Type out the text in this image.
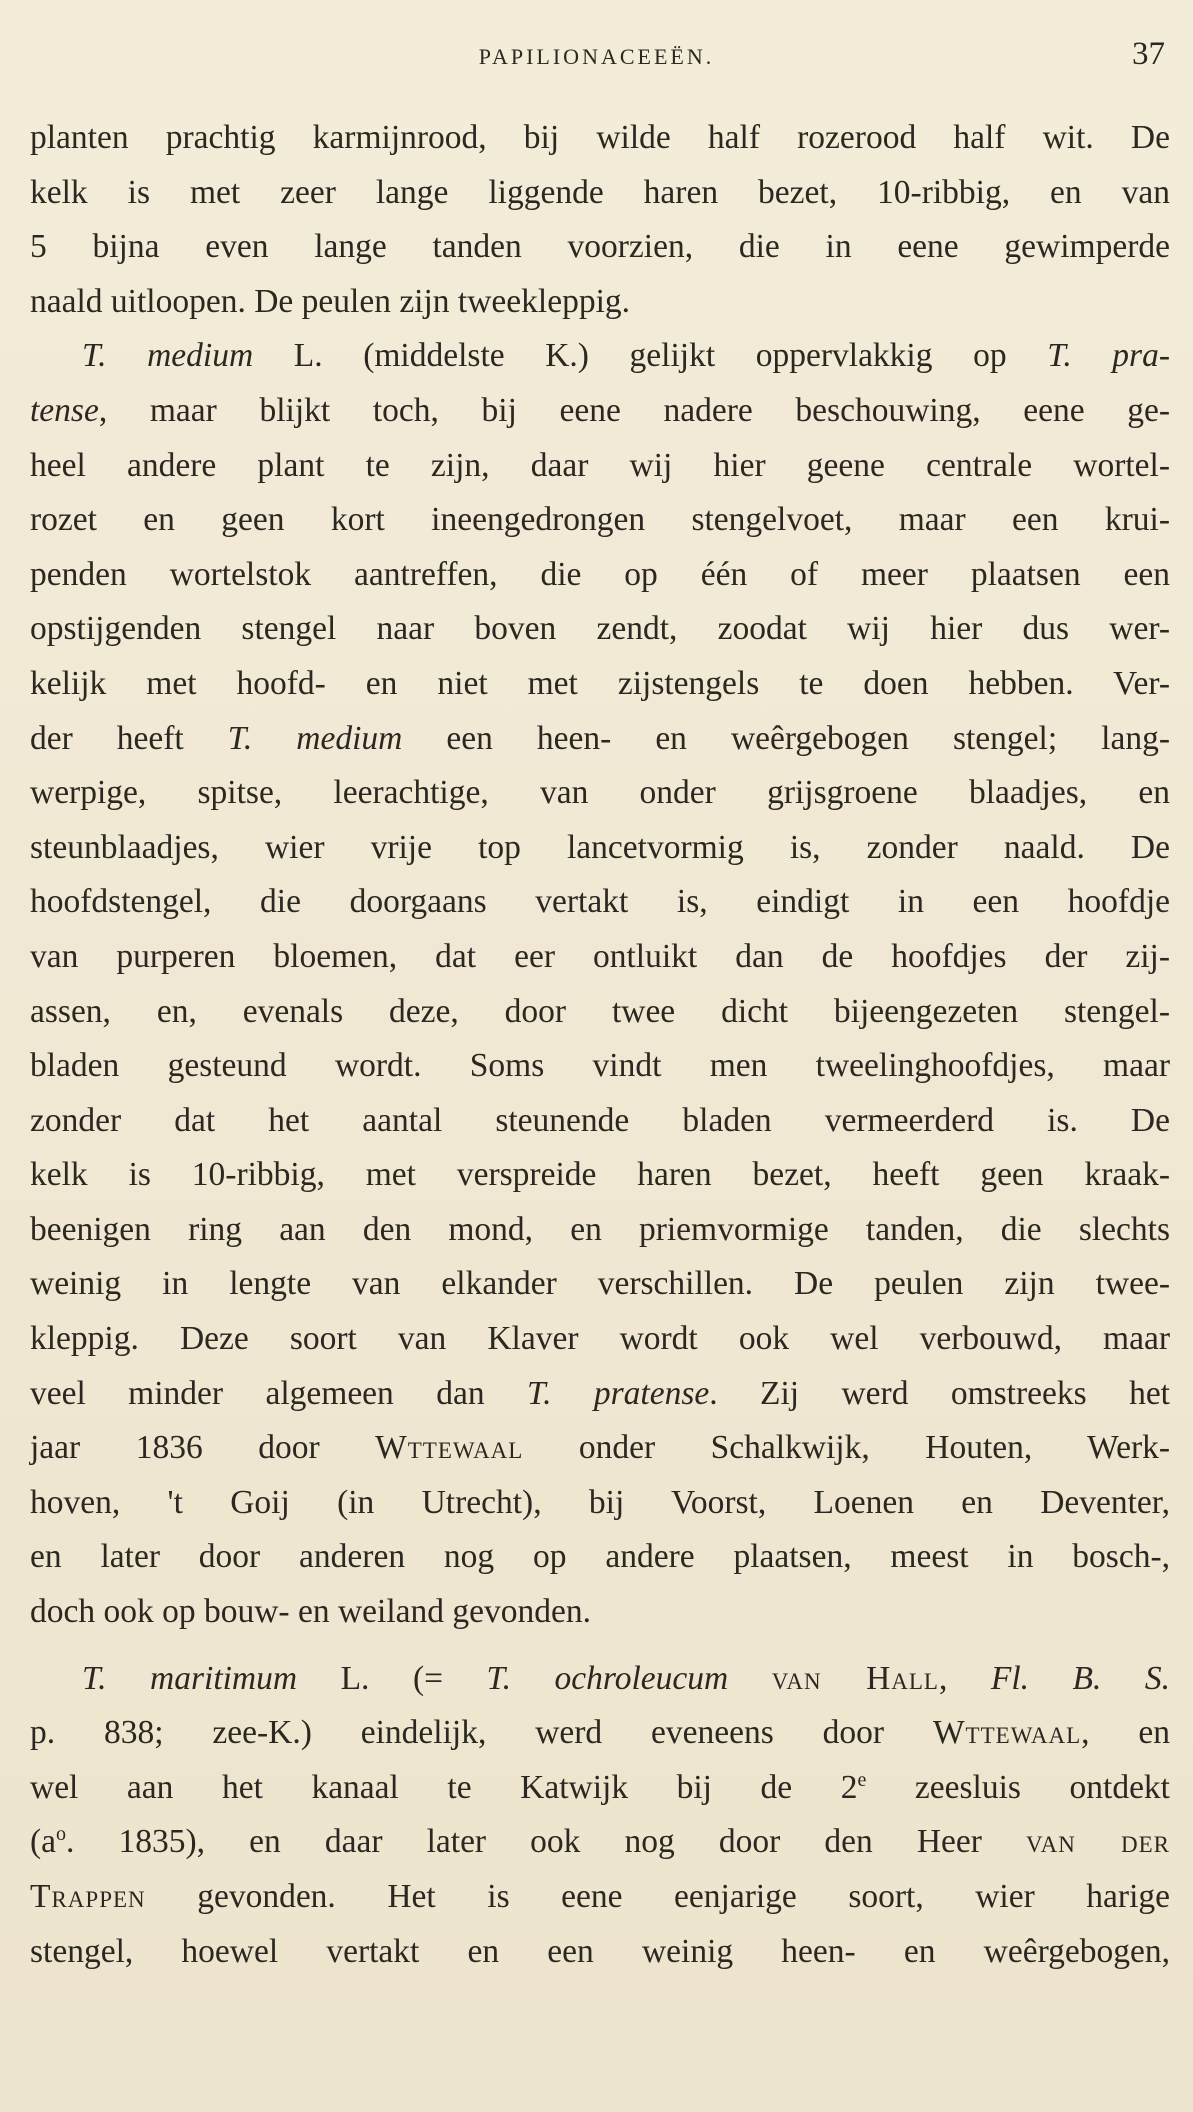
PAPILIONACEEËN.	37
planten prachtig karmijnrood, bij wilde half rozerood half wit. De
kelk is met zeer lange liggende haren bezet, 10-ribbig, en van
5 bijna even lange tanden voorzien, die in eene gewimperde
naald uitloopen. De peulen zijn tweekleppig.
T. medium L. (middelste K.) gelijkt oppervlakkig op T. pra-
tense, maar blijkt toch, bij eene nadere beschouwing, eene ge-
heel andere plant te zijn, daar wij hier geene centrale wortel-
rozet en geen kort ineengedrongen stengelvoet, maar een krui-
penden wortelstok aantreffen, die op één of meer plaatsen een
opstijgenden stengel naar boven zendt, zoodat wij hier dus wer-
kelijk met hoofd- en niet met zijstengels te doen hebben. Ver-
der heeft T. medium een heen- en weêrgebogen stengel; lang-
werpige, spitse, leerachtige, van onder grijsgroene blaadjes, en
steunblaadjes, wier vrije top lancetvormig is, zonder naald. De
hoofdstengel, die doorgaans vertakt is, eindigt in een hoofdje
van purperen bloemen, dat eer ontluikt dan de hoofdjes der zij-
assen, en, evenals deze, door twee dicht bijeengezeten stengel-
bladen gesteund wordt. Soms vindt men tweelinghoofdjes, maar
zonder dat het aantal steunende bladen vermeerderd is. De
kelk is 10-ribbig, met verspreide haren bezet, heeft geen kraak-
beenigen ring aan den mond, en priemvormige tanden, die slechts
weinig in lengte van elkander verschillen. De peulen zijn twee-
kleppig. Deze soort van Klaver wordt ook wel verbouwd, maar
veel minder algemeen dan T. pratense. Zij werd omstreeks het
jaar 1836 door Wttewaal onder Schalkwijk, Houten, Werk-
hoven, 't Goij (in Utrecht), bij Voorst, Loenen en Deventer,
en later door anderen nog op andere plaatsen, meest in bosch-,
doch ook op bouw- en weiland gevonden.
T. maritimum L. (= T. ochroleucum van Hall, Fl. B. S.
p. 838; zee-K.) eindelijk, werd eveneens door Wttewaal, en
wel aan het kanaal te Katwijk bij de 2e zeesluis ontdekt
($a^o$. 1835), en daar later ook nog door den Heer van der
Trappen gevonden. Het is eene eenjarige soort, wier harige
stengel, hoewel vertakt en een weinig heen- en weêrgebogen,
